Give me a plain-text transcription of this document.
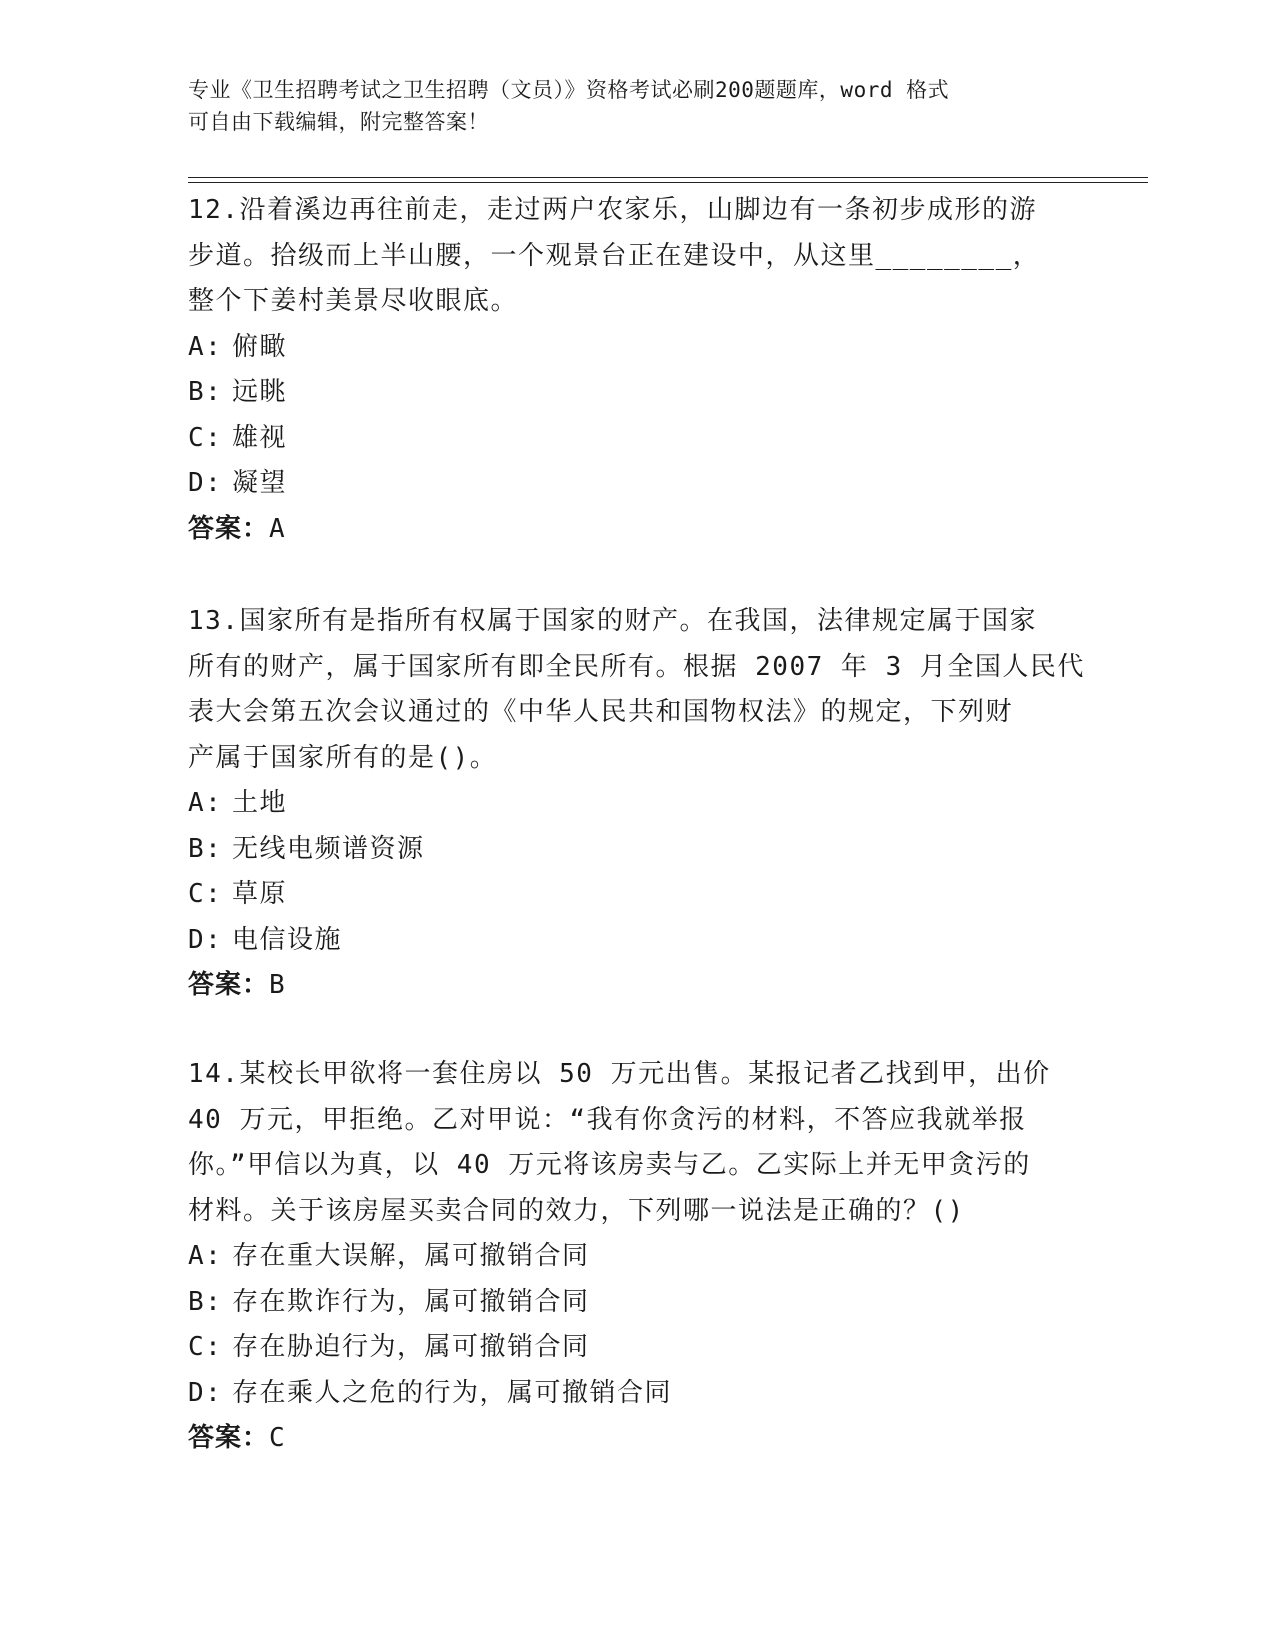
专业《卫生招聘考试之卫生招聘（文员）》资格考试必刷200题题库，word 格式
可自由下载编辑，附完整答案！
12.沿着溪边再往前走，走过两户农家乐，山脚边有一条初步成形的游
步道。拾级而上半山腰，一个观景台正在建设中，从这里________，
整个下姜村美景尽收眼底。
A: 俯瞰
B: 远眺
C: 雄视
D: 凝望
答案：A
13.国家所有是指所有权属于国家的财产。在我国，法律规定属于国家
所有的财产，属于国家所有即全民所有。根据 2007 年 3 月全国人民代
表大会第五次会议通过的《中华人民共和国物权法》的规定，下列财
产属于国家所有的是()。
A: 土地
B: 无线电频谱资源
C: 草原
D: 电信设施
答案：B
14.某校长甲欲将一套住房以 50 万元出售。某报记者乙找到甲，出价
40 万元，甲拒绝。乙对甲说：“我有你贪污的材料，不答应我就举报
你。”甲信以为真，以 40 万元将该房卖与乙。乙实际上并无甲贪污的
材料。关于该房屋买卖合同的效力，下列哪一说法是正确的？()
A: 存在重大误解，属可撤销合同
B: 存在欺诈行为，属可撤销合同
C: 存在胁迫行为，属可撤销合同
D: 存在乘人之危的行为，属可撤销合同
答案：C
